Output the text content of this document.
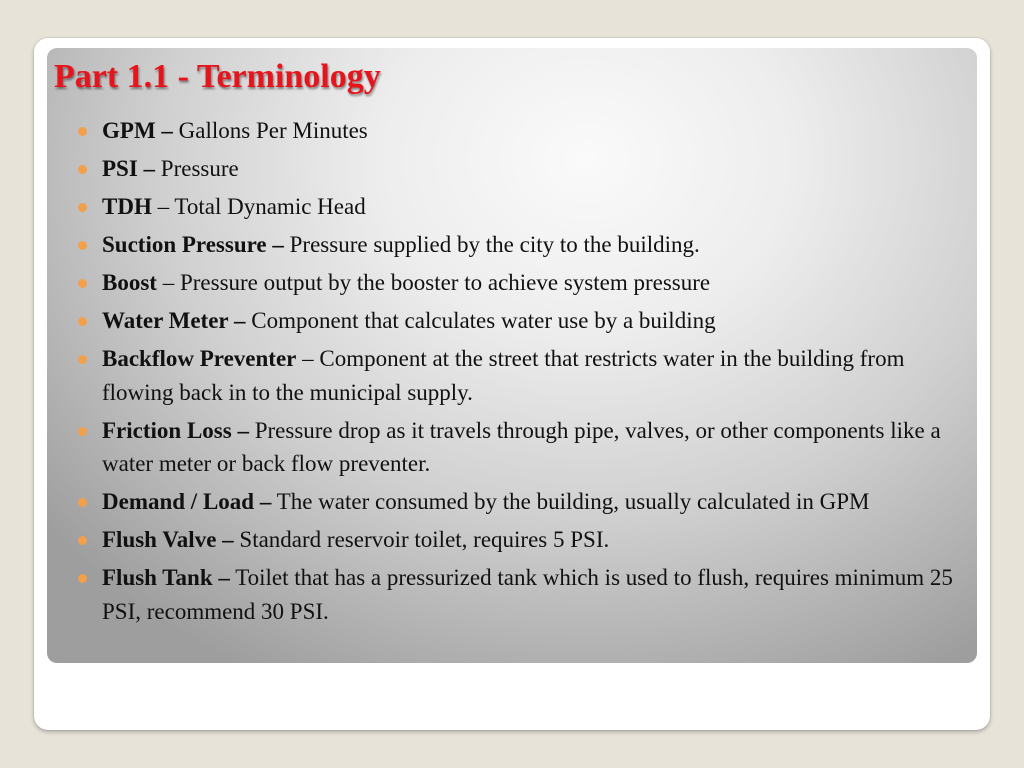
Part 1.1 - Terminology
GPM – Gallons Per Minutes
PSI – Pressure
TDH – Total Dynamic Head
Suction Pressure – Pressure supplied by the city to the building.
Boost – Pressure output by the booster to achieve system pressure
Water Meter – Component that calculates water use by a building
Backflow Preventer – Component at the street that restricts water in the building from flowing back in to the municipal supply.
Friction Loss – Pressure drop as it travels through pipe, valves, or other components like a water meter or back flow preventer.
Demand / Load – The water consumed by the building, usually calculated in GPM
Flush Valve – Standard reservoir toilet, requires 5 PSI.
Flush Tank – Toilet that has a pressurized tank which is used to flush, requires minimum 25 PSI, recommend 30 PSI.
